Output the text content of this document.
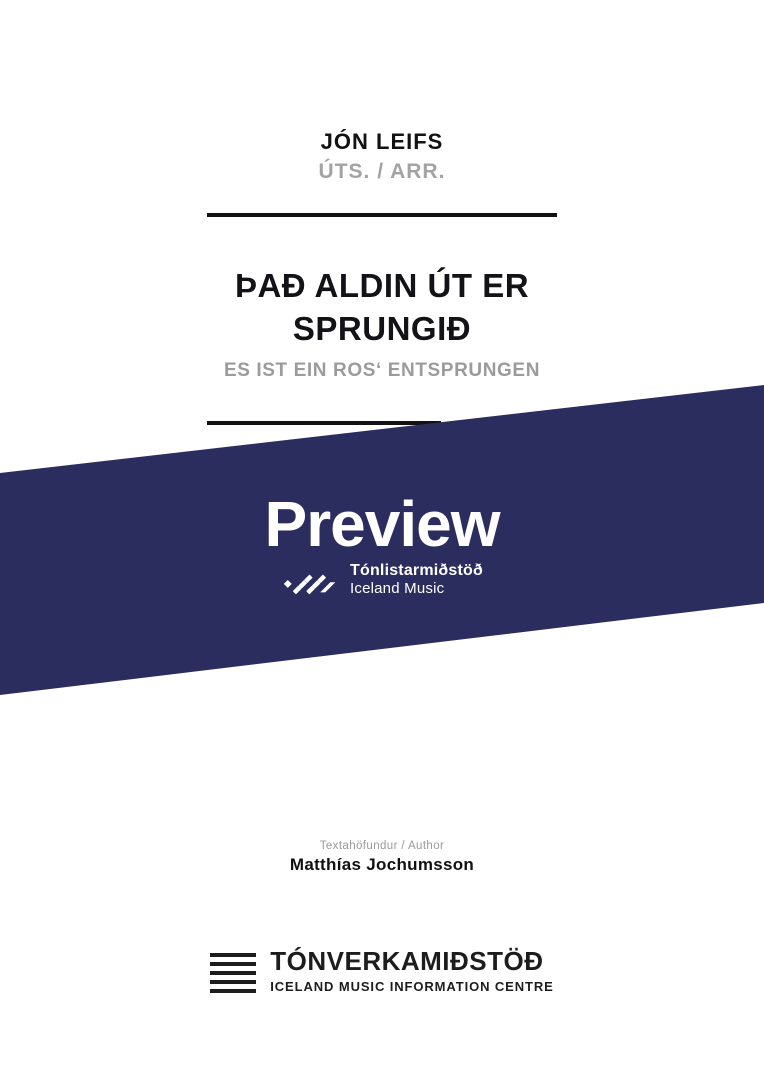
JÓN LEIFS
ÚTS. / ARR.
ÞAÐ ALDIN ÚT ER
SPRUNGIÐ
ES IST EIN ROS‘ ENTSPRUNGEN
Preview
Tónlistarmiðstöð
Iceland Music
Textahöfundur / Author
Matthías Jochumsson
TÓNVERKAMIÐSTÖÐ
ICELAND MUSIC INFORMATION CENTRE
